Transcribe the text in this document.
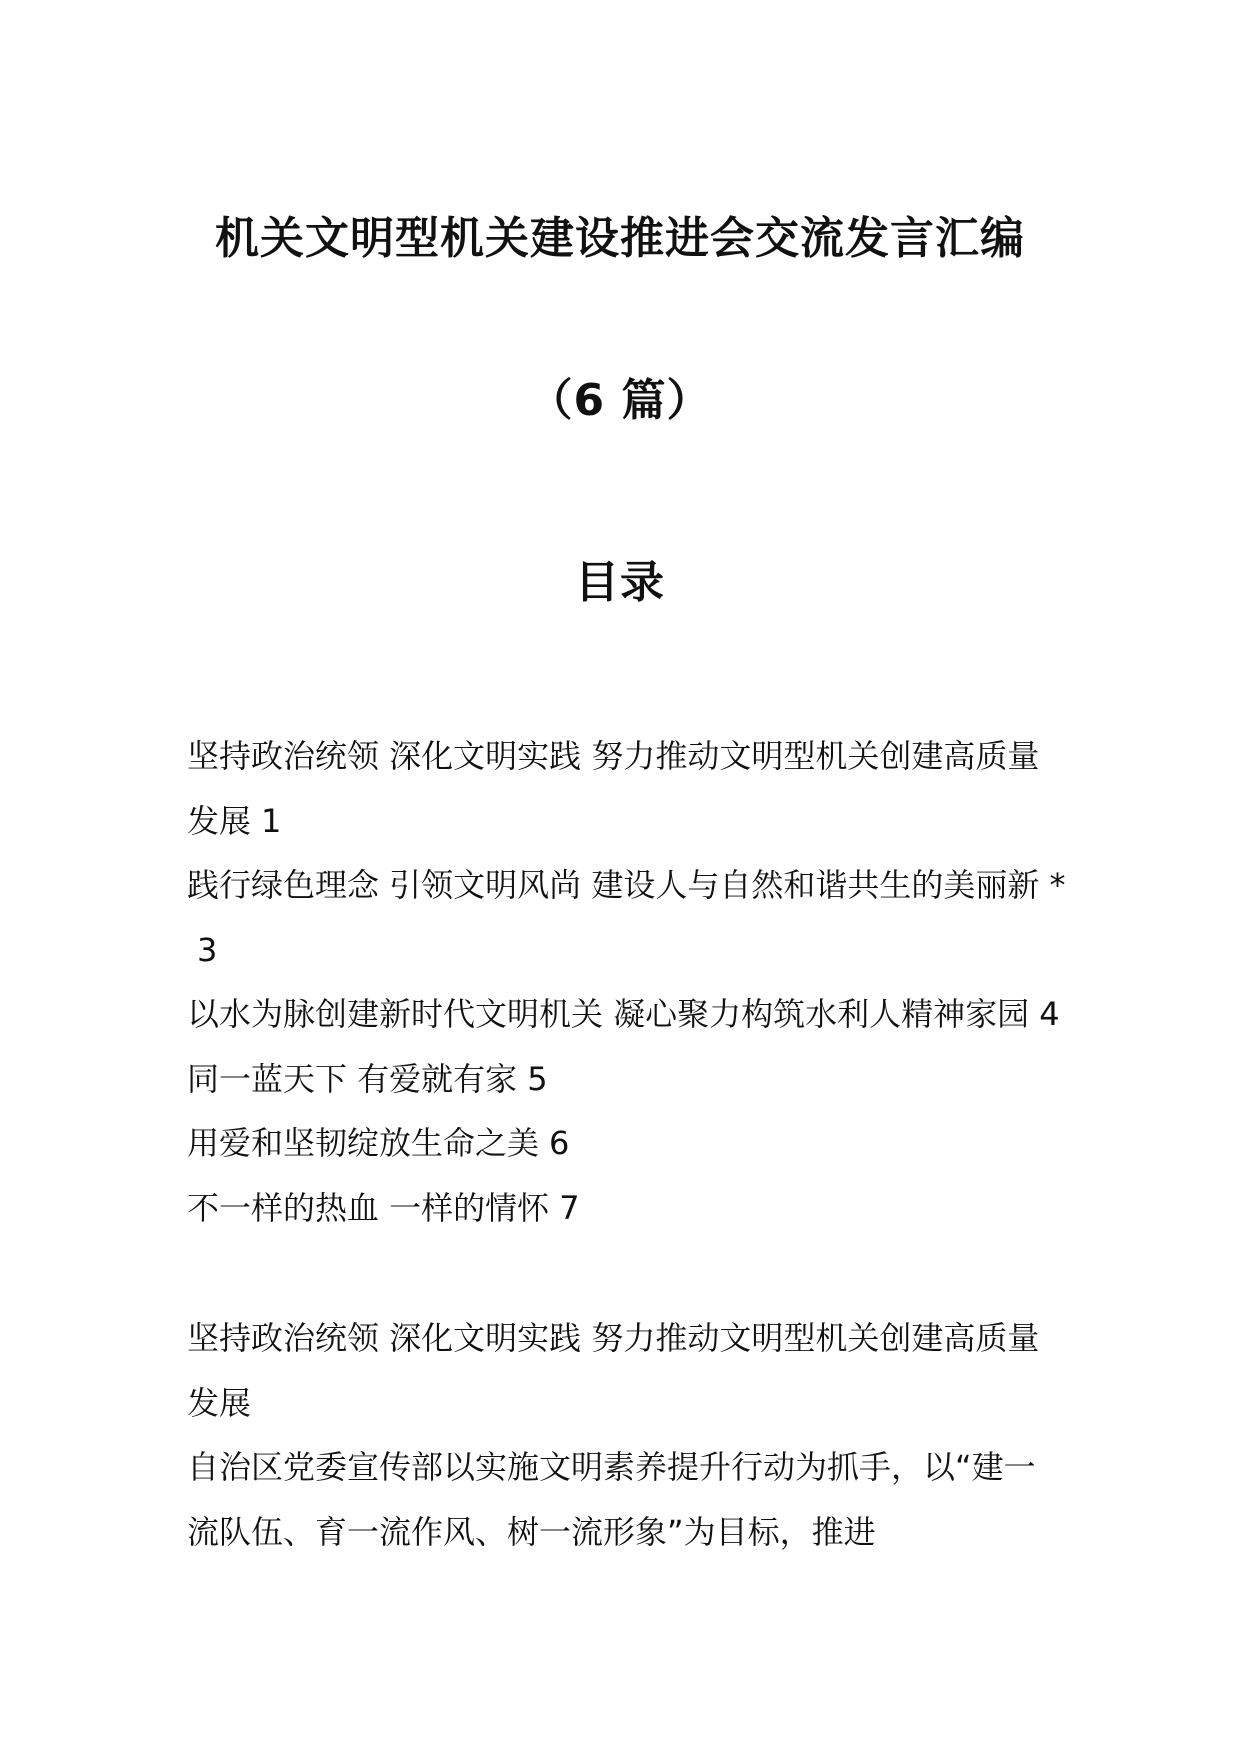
机关文明型机关建设推进会交流发言汇编
（6 篇）
目录
坚持政治统领 深化文明实践 努力推动文明型机关创建高质量发展 1
践行绿色理念 引领文明风尚 建设人与自然和谐共生的美丽新 *3
以水为脉创建新时代文明机关 凝心聚力构筑水利人精神家园 4
同一蓝天下 有爱就有家 5
用爱和坚韧绽放生命之美 6
不一样的热血 一样的情怀 7
坚持政治统领 深化文明实践 努力推动文明型机关创建高质量发展
自治区党委宣传部以实施文明素养提升行动为抓手，以“建一流队伍、育一流作风、树一流形象”为目标，推进
